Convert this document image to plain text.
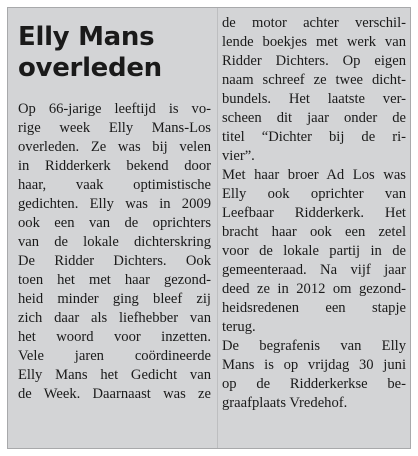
Elly Mans overleden
Op 66-jarige leeftijd is vo-
rige week Elly Mans-Los
overleden. Ze was bij velen
in Ridderkerk bekend door
haar, vaak optimistische
gedichten. Elly was in 2009
ook een van de oprichters
van de lokale dichterskring
De Ridder Dichters. Ook
toen het met haar gezond-
heid minder ging bleef zij
zich daar als liefhebber van
het woord voor inzetten.
Vele jaren coördineerde
Elly Mans het Gedicht van
de Week. Daarnaast was ze
de motor achter verschil-
lende boekjes met werk van
Ridder Dichters. Op eigen
naam schreef ze twee dicht-
bundels. Het laatste ver-
scheen dit jaar onder de
titel “Dichter bij de ri-
vier”.
Met haar broer Ad Los was
Elly ook oprichter van
Leefbaar Ridderkerk. Het
bracht haar ook een zetel
voor de lokale partij in de
gemeenteraad. Na vijf jaar
deed ze in 2012 om gezond-
heidsredenen een stapje
terug.
De begrafenis van Elly
Mans is op vrijdag 30 juni
op de Ridderkerkse be-
graafplaats Vredehof.
